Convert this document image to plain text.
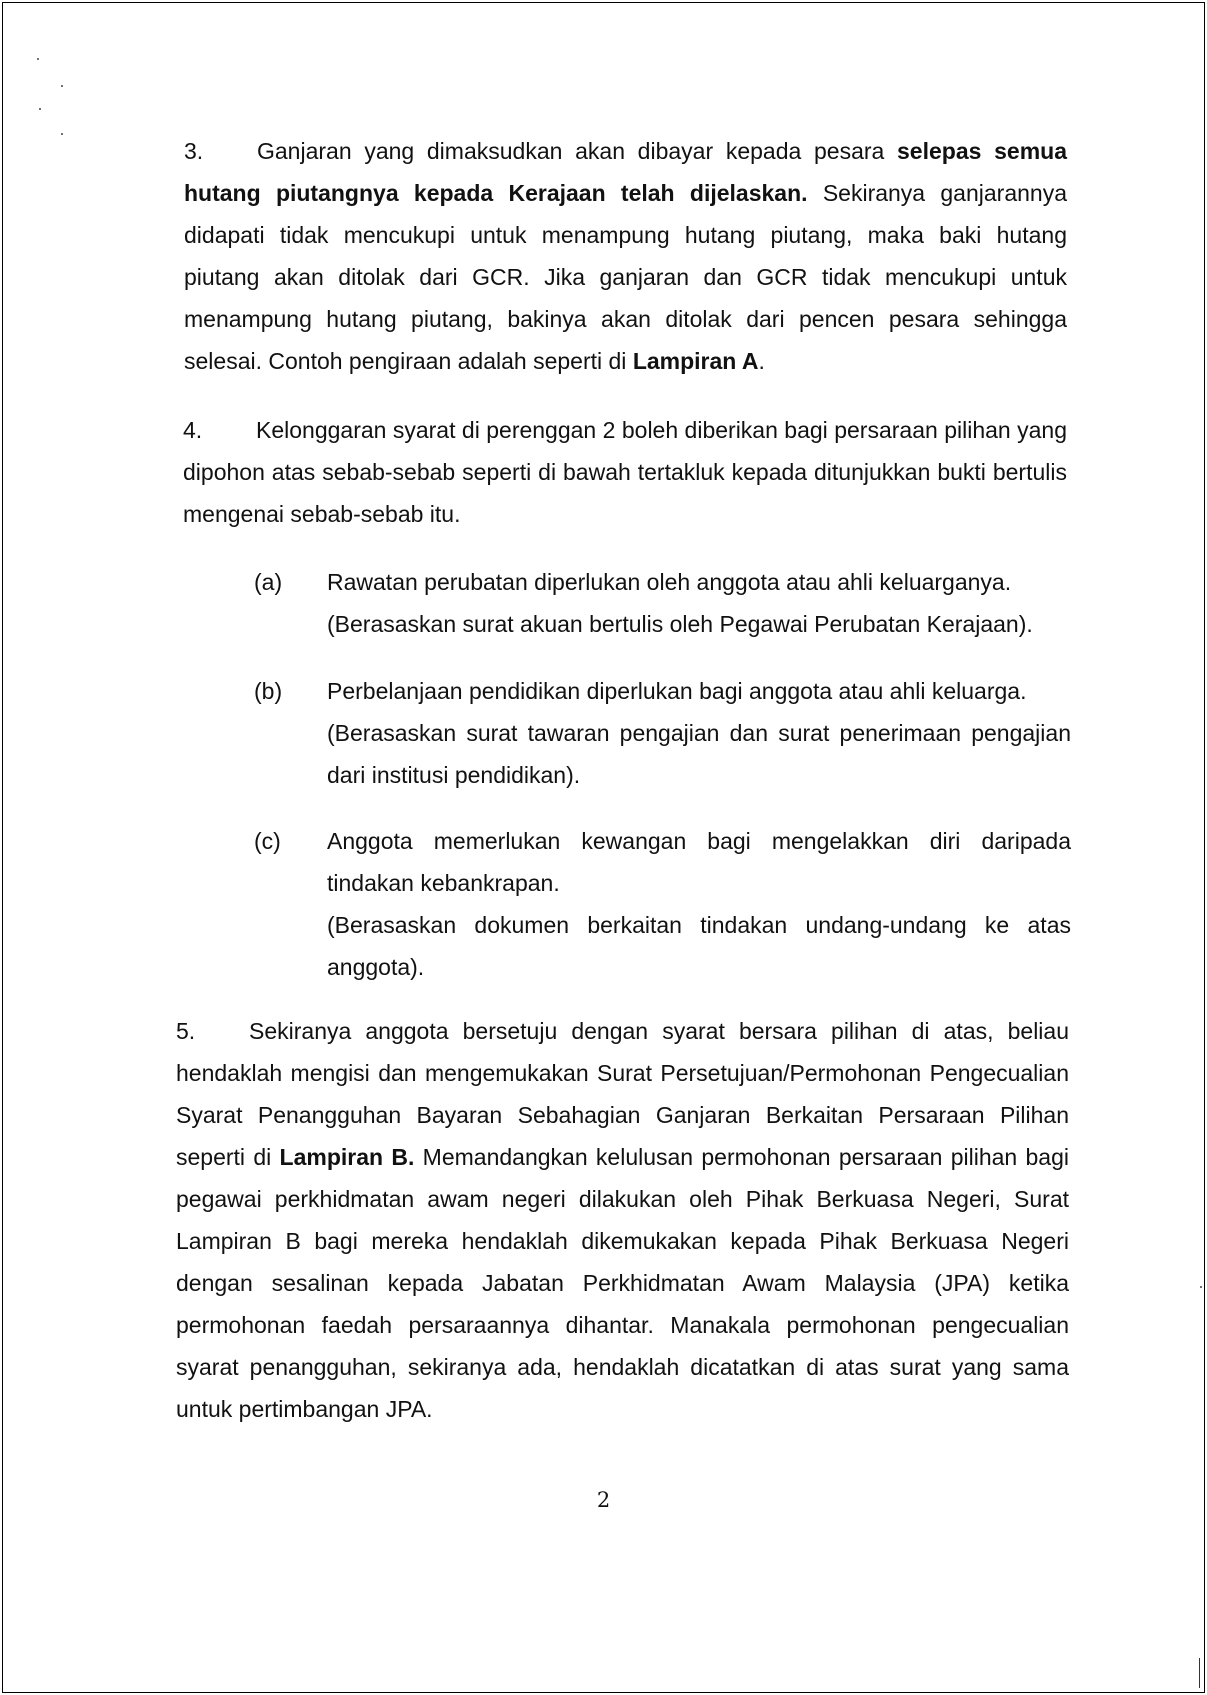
3. Ganjaran yang dimaksudkan akan dibayar kepada pesara selepas semua hutang piutangnya kepada Kerajaan telah dijelaskan. Sekiranya ganjarannya didapati tidak mencukupi untuk menampung hutang piutang, maka baki hutang piutang akan ditolak dari GCR. Jika ganjaran dan GCR tidak mencukupi untuk menampung hutang piutang, bakinya akan ditolak dari pencen pesara sehingga selesai. Contoh pengiraan adalah seperti di Lampiran A.
4. Kelonggaran syarat di perenggan 2 boleh diberikan bagi persaraan pilihan yang dipohon atas sebab-sebab seperti di bawah tertakluk kepada ditunjukkan bukti bertulis mengenai sebab-sebab itu.
(a) Rawatan perubatan diperlukan oleh anggota atau ahli keluarganya.
(Berasaskan surat akuan bertulis oleh Pegawai Perubatan Kerajaan).
(b) Perbelanjaan pendidikan diperlukan bagi anggota atau ahli keluarga.
(Berasaskan surat tawaran pengajian dan surat penerimaan pengajian dari institusi pendidikan).
(c) Anggota memerlukan kewangan bagi mengelakkan diri daripada tindakan kebankrapan.
(Berasaskan dokumen berkaitan tindakan undang-undang ke atas anggota).
5. Sekiranya anggota bersetuju dengan syarat bersara pilihan di atas, beliau hendaklah mengisi dan mengemukakan Surat Persetujuan/Permohonan Pengecualian Syarat Penangguhan Bayaran Sebahagian Ganjaran Berkaitan Persaraan Pilihan seperti di Lampiran B. Memandangkan kelulusan permohonan persaraan pilihan bagi pegawai perkhidmatan awam negeri dilakukan oleh Pihak Berkuasa Negeri, Surat Lampiran B bagi mereka hendaklah dikemukakan kepada Pihak Berkuasa Negeri dengan sesalinan kepada Jabatan Perkhidmatan Awam Malaysia (JPA) ketika permohonan faedah persaraannya dihantar. Manakala permohonan pengecualian syarat penangguhan, sekiranya ada, hendaklah dicatatkan di atas surat yang sama untuk pertimbangan JPA.
2
